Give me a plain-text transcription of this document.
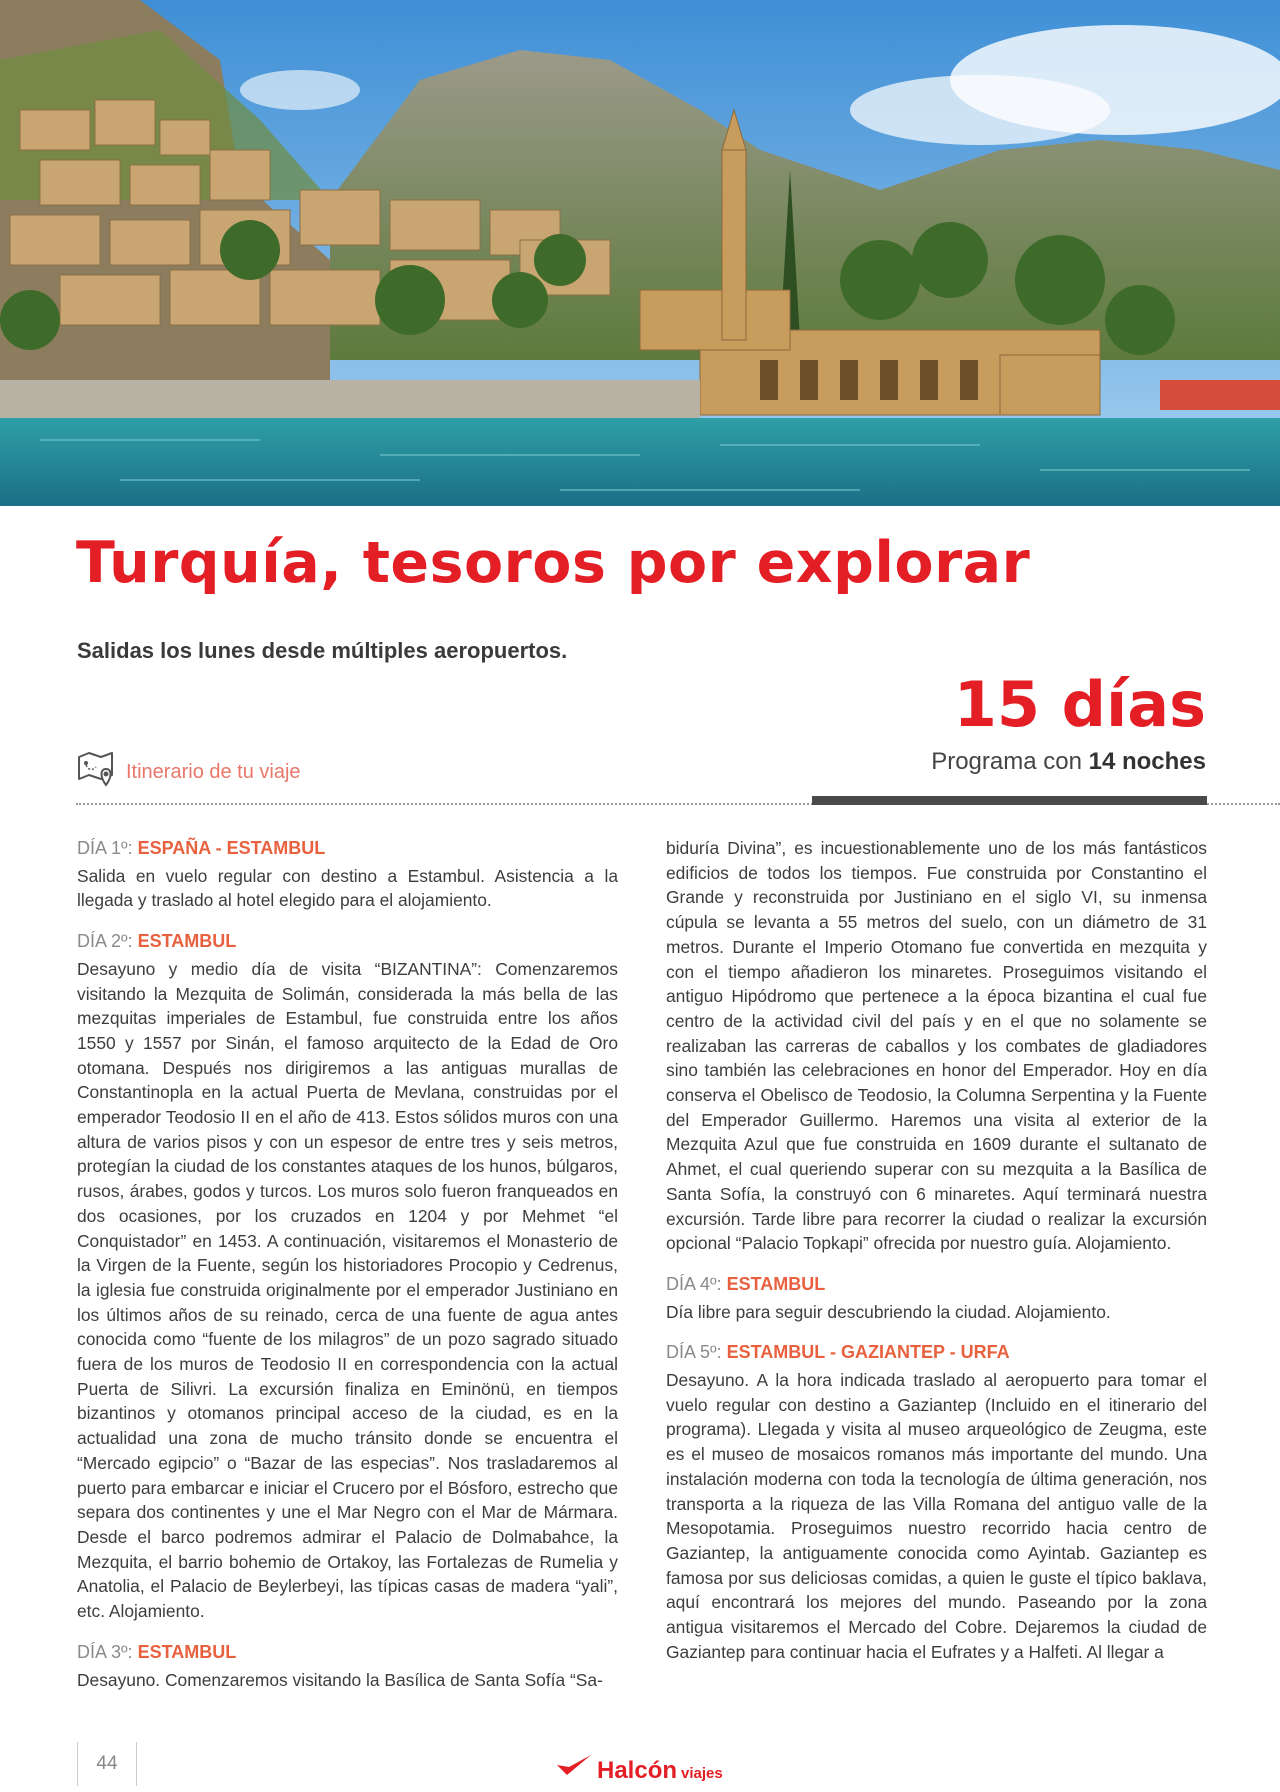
Turquía, tesoros por explorar

Salidas los lunes desde múltiples aeropuertos.

15 días
Programa con 14 noches
Itinerario de tu viaje
DÍA 1º: ESPAÑA - ESTAMBUL

Salida en vuelo regular con destino a Estambul. Asistencia a la llegada y traslado al hotel elegido para el alojamiento.

DÍA 2º: ESTAMBUL

Desayuno y medio día de visita “BIZANTINA”: Comenzaremos visitando la Mezquita de Solimán, considerada la más bella de las mezquitas imperiales de Estambul, fue construida entre los años 1550 y 1557 por Sinán, el famoso arquitecto de la Edad de Oro otomana. Después nos dirigiremos a las antiguas murallas de Constantinopla en la actual Puerta de Mevlana, construidas por el emperador Teodosio II en el año de 413. Estos sólidos muros con una altura de varios pisos y con un espesor de entre tres y seis metros, protegían la ciudad de los constantes ataques de los hunos, búlgaros, rusos, árabes, godos y turcos. Los muros solo fueron franqueados en dos ocasiones, por los cruzados en 1204 y por Mehmet “el Conquistador” en 1453. A continuación, visitaremos el Monasterio de la Virgen de la Fuente, según los historiadores Procopio y Cedrenus, la iglesia fue construida originalmente por el emperador Justiniano en los últimos años de su reinado, cerca de una fuente de agua antes conocida como “fuente de los milagros” de un pozo sagrado situado fuera de los muros de Teodosio II en correspondencia con la actual Puerta de Silivri. La excursión finaliza en Eminönü, en tiempos bizantinos y otomanos principal acceso de la ciudad, es en la actualidad una zona de mucho tránsito donde se encuentra el “Mercado egipcio” o “Bazar de las especias”. Nos trasladaremos al puerto para embarcar e iniciar el Crucero por el Bósforo, estrecho que separa dos continentes y une el Mar Negro con el Mar de Mármara. Desde el barco podremos admirar el Palacio de Dolmabahce, la Mezquita, el barrio bohemio de Ortakoy, las Fortalezas de Rumelia y Anatolia, el Palacio de Beylerbeyi, las típicas casas de madera “yali”, etc. Alojamiento.

DÍA 3º: ESTAMBUL

Desayuno. Comenzaremos visitando la Basílica de Santa Sofía “Sa-

biduría Divina”, es incuestionablemente uno de los más fantásticos edificios de todos los tiempos. Fue construida por Constantino el Grande y reconstruida por Justiniano en el siglo VI, su inmensa cúpula se levanta a 55 metros del suelo, con un diámetro de 31 metros. Durante el Imperio Otomano fue convertida en mezquita y con el tiempo añadieron los minaretes. Proseguimos visitando el antiguo Hipódromo que pertenece a la época bizantina el cual fue centro de la actividad civil del país y en el que no solamente se realizaban las carreras de caballos y los combates de gladiadores sino también las celebraciones en honor del Emperador. Hoy en día conserva el Obelisco de Teodosio, la Columna Serpentina y la Fuente del Emperador Guillermo. Haremos una visita al exterior de la Mezquita Azul que fue construida en 1609 durante el sultanato de Ahmet, el cual queriendo superar con su mezquita a la Basílica de Santa Sofía, la construyó con 6 minaretes. Aquí terminará nuestra excursión. Tarde libre para recorrer la ciudad o realizar la excursión opcional “Palacio Topkapi” ofrecida por nuestro guía. Alojamiento.

DÍA 4º: ESTAMBUL

Día libre para seguir descubriendo la ciudad. Alojamiento.

DÍA 5º: ESTAMBUL - GAZIANTEP - URFA

Desayuno. A la hora indicada traslado al aeropuerto para tomar el vuelo regular con destino a Gaziantep (Incluido en el itinerario del programa). Llegada y visita al museo arqueológico de Zeugma, este es el museo de mosaicos romanos más importante del mundo. Una instalación moderna con toda la tecnología de última generación, nos transporta a la riqueza de las Villa Romana del antiguo valle de la Mesopotamia. Proseguimos nuestro recorrido hacia centro de Gaziantep, la antiguamente conocida como Ayintab. Gaziantep es famosa por sus deliciosas comidas, a quien le guste el típico baklava, aquí encontrará los mejores del mundo. Paseando por la zona antigua visitaremos el Mercado del Cobre. Dejaremos la ciudad de Gaziantep para continuar hacia el Eufrates y a Halfeti. Al llegar a

44	Halcón viajes
